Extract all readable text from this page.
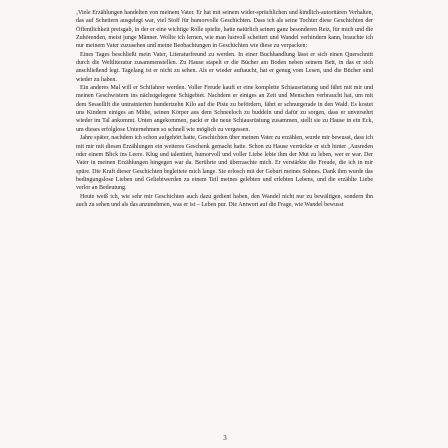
‚Viele Erzählungen handelten von meinem Vater. Er hat mit seinem wider-sprüchlichen und kindlich-autoritären Verhalten, das auf Scheitern ausgelegt war, viel Stoff für humorvolle Geschichten. Dass ich als seine Tochter diese Geschichten der Öffentlichkeit preisgab, in der er eine wichtige Rolle spielte, hatte natürlich seinen ganz besonderen Reiz, für mich und die Zuhörenden, meist junge Männer. Wollte ich lernen, wie man lustvoll scheitert und Wandel verhindern kann, brauchte ich nur meinem Vater zuzusehen und meine Beobachtungen in Geschichten wie diese zu verpacken:

Eines Tages beschließt mein Vater, Literaturfreund zu werden. In einer Buchhandlung lässt er sich einen Querschnitt durch die Weltliteratur zusammenstellen. Zu Hause stapelt er die Bücher am Boden neben seinem Bett, in das er sich anschließend legt. Tagelang ist er nicht zu sehen. Als er wieder auftaucht, hat er genug vom Lesen, und die Bücher sind wieder zu haben.

Ein anderes Mal will er Schifahrer werden. Voller Freude kauft er eine komplette Schiausrüstung und fährt mit mir und meinen Geschwistern ins nächstgelegene Schigebiet. Nachdem er einiges an Zeit und Menschen verbraucht hat, um mit dem Sessellift die untrainierten hundertzehn Kilo auf die Piste zu befördern, fährt er schnurgerade in den Wald. Es kostet uns Kindern einiges an Mühe, seinen Körper aus dem Schneeloch zu buddeln und dafür zu sorgen, dass er unversehrt wieder im Tal ankommt. Unten angekommen, packt er die neue Schiausrüstung zusammen, stellt sie zu Hause in ein Eck, um dieses erfolglose Unternehmen so schnell wie möglich zu vergessen.

Jahre später, nachdem ich schon aufgehört hatte, Geschichten über meinen Vater zu erzählen, wurde mir bewusst, dass ich mit mir mit diesen Erzählungen ein weiteres Geschenk gemacht hatte. Schon zu Hause verrückte er sich hinter ‚Ausreden oder einem Blick ins Leere. Klug und talentiert, humorvoll und voller Liebe lebte ihm der Mut zu leben, wer er war. Der Vater in meinen Erzählungen hingegen war da. Berührte und überraschte mich. Er verstärkte die Freude, die ich in mir spüre. Die Kraft dieser Geschichten begleitete mich lange. Sie erlosch mit der Geburt meines Sohnes. Dank ihm wurde das bedingungslose Lieben und Geliebtwerden zu einem Teil meines gelebten und erlebten Lebens, und die erzählte Liebe verlor an Bedeutung.

Heute weiß ich, wie sehr mir Geschichten auch dazu gedient haben, den Wandel nicht nur zu bewältigen, sondern ihn auch zu sehen und als das anzunehmen, was er ist – Leben pur. Die Antwort auf die Frage, wie Wandel bewusst

3
